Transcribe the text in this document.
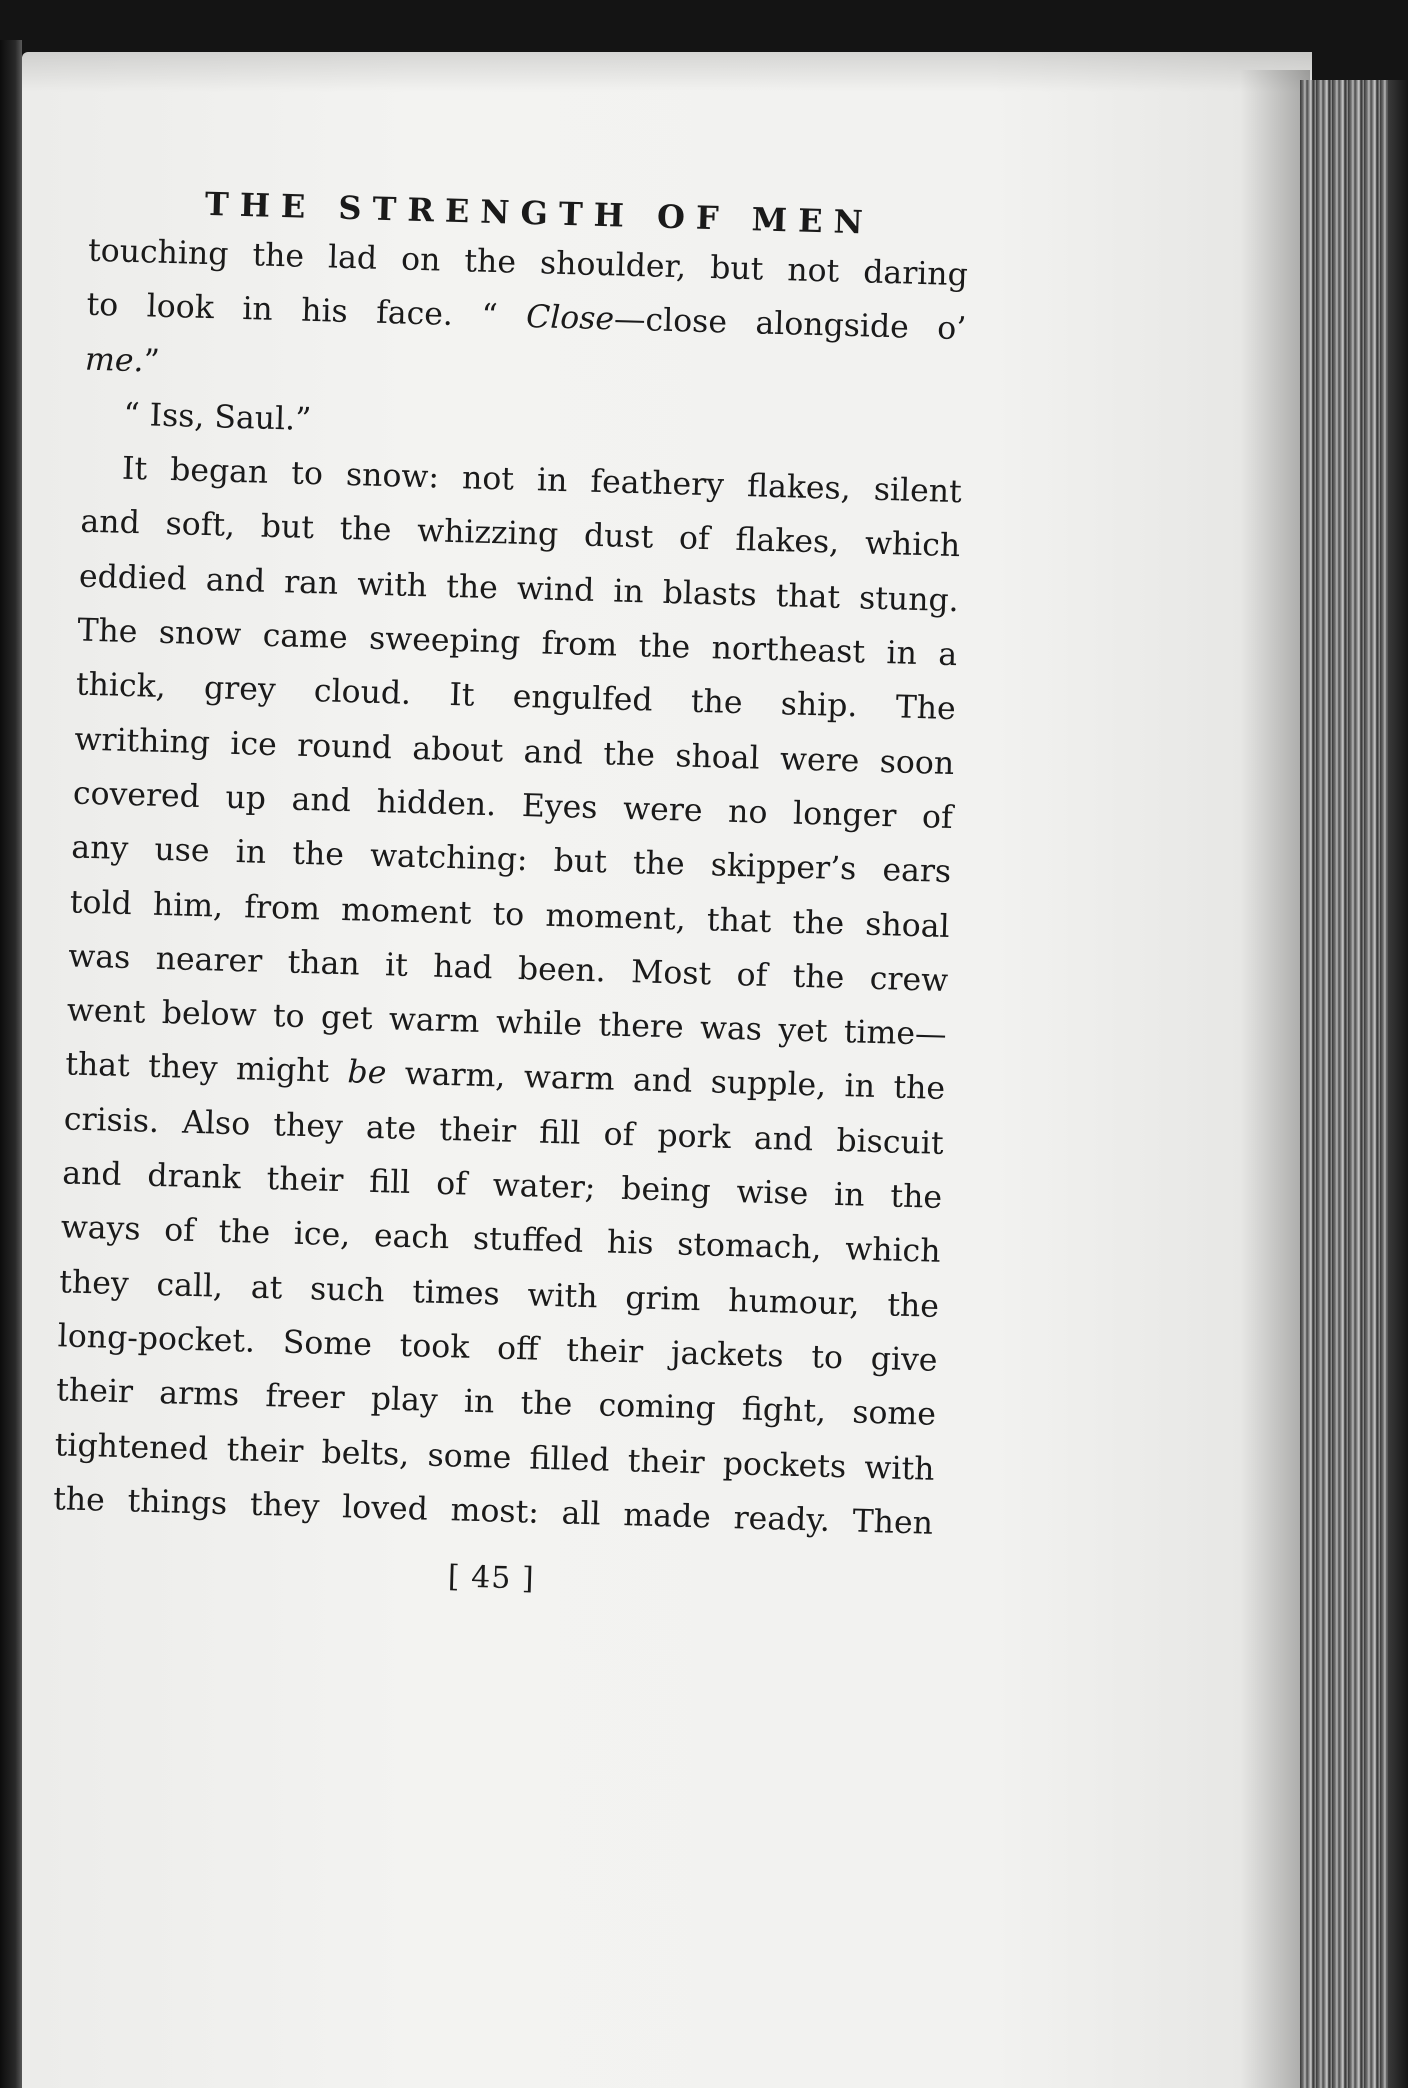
THE STRENGTH OF MEN
touching the lad on the shoulder, but not daring
to look in his face. “ Close—close alongside o’
me.”
“ Iss, Saul.”
It began to snow: not in feathery flakes, silent
and soft, but the whizzing dust of flakes, which
eddied and ran with the wind in blasts that stung.
The snow came sweeping from the northeast in a
thick, grey cloud. It engulfed the ship. The
writhing ice round about and the shoal were soon
covered up and hidden. Eyes were no longer of
any use in the watching: but the skipper’s ears
told him, from moment to moment, that the shoal
was nearer than it had been. Most of the crew
went below to get warm while there was yet time—
that they might be warm, warm and supple, in the
crisis. Also they ate their fill of pork and biscuit
and drank their fill of water; being wise in the
ways of the ice, each stuffed his stomach, which
they call, at such times with grim humour, the
long-pocket. Some took off their jackets to give
their arms freer play in the coming fight, some
tightened their belts, some filled their pockets with
the things they loved most: all made ready. Then
[ 45 ]
